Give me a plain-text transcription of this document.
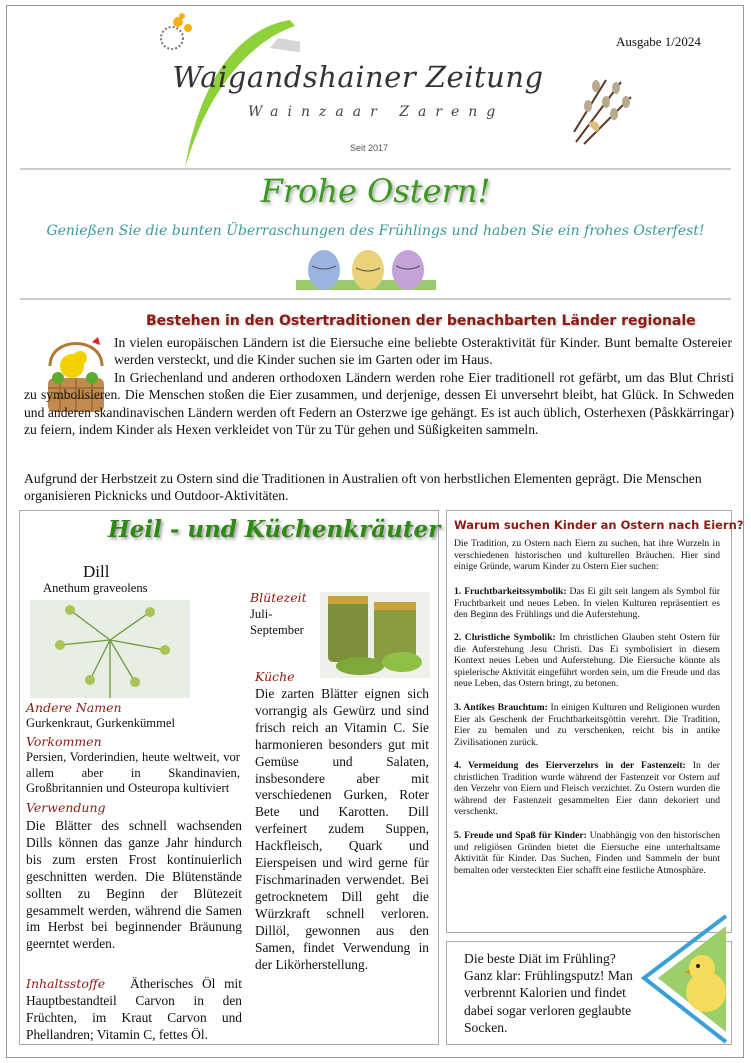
Ausgabe 1/2024
Waigandshainer Zeitung
Wainzaar Zareng
Seit 2017
Frohe Ostern!
Genießen Sie die bunten Überraschungen des Frühlings und haben Sie ein frohes Osterfest!
Bestehen in den Ostertraditionen der benachbarten Länder regionale
In vielen europäischen Ländern ist die Eiersuche eine beliebte Osteraktivität für Kinder. Bunt bemalte Ostereier werden versteckt, und die Kinder suchen sie im Garten oder im Haus.
In Griechenland und anderen orthodoxen Ländern werden rohe Eier traditionell rot gefärbt, um das Blut Christi zu symbolisieren. Die Menschen stoßen die Eier zusammen, und derjenige, dessen Ei unversehrt bleibt, hat Glück. In Schweden und anderen skandinavischen Ländern werden oft Federn an Osterzwe ige gehängt. Es ist auch üblich, Osterhexen (Påskkärringar) zu feiern, indem Kinder als Hexen verkleidet von Tür zu Tür gehen und Süßigkeiten sammeln.
Aufgrund der Herbstzeit zu Ostern sind die Traditionen in Australien oft von herbstlichen Elementen geprägt. Die Menschen organisieren Picknicks und Outdoor-Aktivitäten.
Heil - und Küchenkräuter
Dill
Anethum graveolens
Andere Namen
Gurkenkraut, Gurkenkümmel
Vorkommen
Persien, Vorderindien, heute weltweit, vor allem aber in Skandinavien, Großbritannien und Osteuropa kultiviert
Verwendung
Die Blätter des schnell wachsenden Dills können das ganze Jahr hindurch bis zum ersten Frost kontinuierlich geschnitten werden. Die Blütenstände sollten zu Beginn der Blütezeit gesammelt werden, während die Samen im Herbst bei beginnender Bräunung geerntet werden.
Inhaltsstoffe	Ätherisches Öl mit Hauptbestandteil Carvon in den Früchten, im Kraut Carvon und Phellandren; Vitamin C, fettes Öl.
Blütezeit
Juli-September
Küche
Die zarten Blätter eignen sich vorrangig als Gewürz und sind frisch reich an Vitamin C. Sie harmonieren besonders gut mit Gemüse und Salaten, insbesondere aber mit verschiedenen Gurken, Roter Bete und Karotten. Dill verfeinert zudem Suppen, Hackfleisch, Quark und Eierspeisen und wird gerne für Fischmarinaden verwendet. Bei getrocknetem Dill geht die Würzkraft schnell verloren. Dillöl, gewonnen aus den Samen, findet Verwendung in der Likörherstellung.
Warum suchen Kinder an Ostern nach Eiern?
Die Tradition, zu Ostern nach Eiern zu suchen, hat ihre Wurzeln in verschiedenen historischen und kulturellen Bräuchen. Hier sind einige Gründe, warum Kinder zu Ostern Eier suchen:
1. Fruchtbarkeitssymbolik: Das Ei gilt seit langem als Symbol für Fruchtbarkeit und neues Leben. In vielen Kulturen repräsentiert es den Beginn des Frühlings und die Auferstehung.
2. Christliche Symbolik: Im christlichen Glauben steht Ostern für die Auferstehung Jesu Christi. Das Ei symbolisiert in diesem Kontext neues Leben und Auferstehung. Die Eiersuche könnte als spielerische Aktivität eingeführt worden sein, um die Freude und das neue Leben, das Ostern bringt, zu betonen.
3. Antikes Brauchtum: In einigen Kulturen und Religionen wurden Eier als Geschenk der Fruchtbarkeitsgöttin verehrt. Die Tradition, Eier zu bemalen und zu verschenken, reicht bis in antike Zivilisationen zurück.
4. Vermeidung des Eierverzehrs in der Fastenzeit: In der christlichen Tradition wurde während der Fastenzeit vor Ostern auf den Verzehr von Eiern und Fleisch verzichtet. Zu Ostern wurden die während der Fastenzeit gesammelten Eier dann dekoriert und verschenkt.
5. Freude und Spaß für Kinder: Unabhängig von den historischen und religiösen Gründen bietet die Eiersuche eine unterhaltsame Aktivität für Kinder. Das Suchen, Finden und Sammeln der bunt bemalten oder versteckten Eier schafft eine festliche Atmosphäre.
Die beste Diät im Frühling? Ganz klar: Frühlingsputz! Man verbrennt Kalorien und findet dabei sogar verloren geglaubte Socken.
